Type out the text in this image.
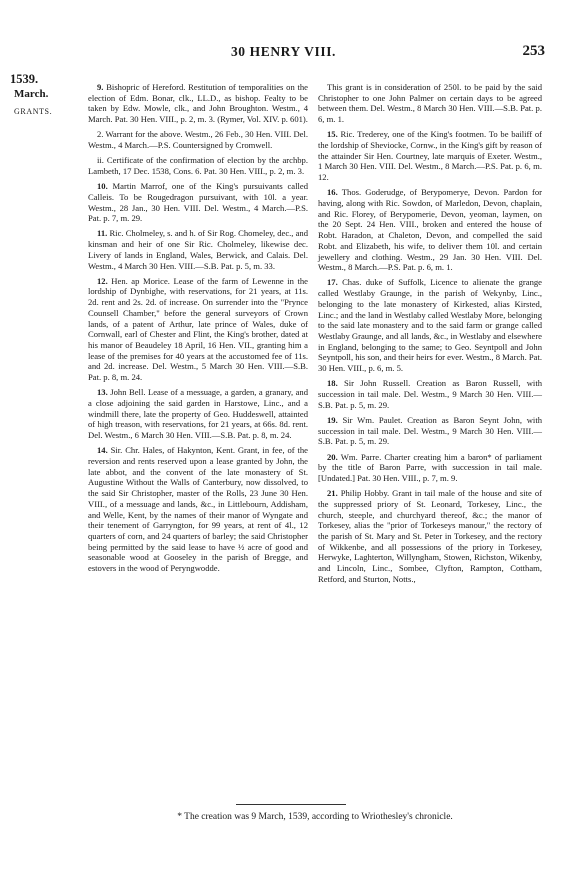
30 HENRY VIII.	253
1539.
March.
GRANTS.

9. Bishopric of Hereford. Restitution of temporalities on the election of Edm. Bonar, clk., LL.D., as bishop. Fealty to be taken by Edw. Mowle, clk., and John Broughton. Westm., 4 March. Pat. 30 Hen. VIII., p. 2, m. 3. (Rymer, Vol. XIV. p. 601).

2. Warrant for the above. Westm., 26 Feb., 30 Hen. VIII. Del. Westm., 4 March.—P.S. Countersigned by Cromwell.

ii. Certificate of the confirmation of election by the archbp. Lambeth, 17 Dec. 1538, Cons. 6. Pat. 30 Hen. VIII., p. 2, m. 3.

10. Martin Marrof, one of the King's pursuivants called Calleis. To be Rougedragon pursuivant, with 10l. a year. Westm., 28 Jan., 30 Hen. VIII. Del. Westm., 4 March.—P.S. Pat. p. 7, m. 29.

11. Ric. Cholmeley, s. and h. of Sir Rog. Chomeley, dec., and kinsman and heir of one Sir Ric. Cholmeley, likewise dec. Livery of lands in England, Wales, Berwick, and Calais. Del. Westm., 4 March 30 Hen. VIII.—S.B. Pat. p. 5, m. 33.

12. Hen. ap Morice. Lease of the farm of Lewenne in the lordship of Dynbighe, with reservations, for 21 years, at 11s. 2d. rent and 2s. 2d. of increase. On surrender into the "Prynce Counsell Chamber," before the general surveyors of Crown lands, of a patent of Arthur, late prince of Wales, duke of Cornwall, earl of Chester and Flint, the King's brother, dated at his manor of Beaudeley 18 April, 16 Hen. VII., granting him a lease of the premises for 40 years at the accustomed fee of 11s. and 2d. increase. Del. Westm., 5 March 30 Hen. VIII.—S.B. Pat. p. 8, m. 24.

13. John Bell. Lease of a messuage, a garden, a granary, and a close adjoining the said garden in Harstowe, Linc., and a windmill there, late the property of Geo. Huddeswell, attainted of high treason, with reservations, for 21 years, at 66s. 8d. rent. Del. Westm., 6 March 30 Hen. VIII.—S.B. Pat. p. 8, m. 24.

14. Sir. Chr. Hales, of Hakynton, Kent. Grant, in fee, of the reversion and rents reserved upon a lease granted by John, the late abbot, and the convent of the late monastery of St. Augustine Without the Walls of Canterbury, now dissolved, to the said Sir Christopher, master of the Rolls, 23 June 30 Hen. VIII., of a messuage and lands, &c., in Littlebourn, Addisham, and Welle, Kent, by the names of their manor of Wyngate and their tenement of Garryngton, for 99 years, at rent of 4l., 12 quarters of corn, and 24 quarters of barley; the said Christopher being permitted by the said lease to have ½ acre of good and seasonable wood at Gooseley in the parish of Bregge, and estovers in the wood of Peryngwodde.

This grant is in consideration of 250l. to be paid by the said Christopher to one John Palmer on certain days to be agreed between them. Del. Westm., 8 March 30 Hen. VIII.—S.B. Pat. p. 6, m. 1.

15. Ric. Trederey, one of the King's footmen. To be bailiff of the lordship of Sheviocke, Cornw., in the King's gift by reason of the attainder Sir Hen. Courtney, late marquis of Exeter. Westm., 1 March 30 Hen. VIII. Del. Westm., 8 March.—P.S. Pat. p. 6, m. 12.

16. Thos. Goderudge, of Berypomerye, Devon. Pardon for having, along with Ric. Sowdon, of Marledon, Devon, chaplain, and Ric. Florey, of Berypomerie, Devon, yeoman, laymen, on the 20 Sept. 24 Hen. VIII., broken and entered the house of Robt. Haradon, at Chaleton, Devon, and compelled the said Robt. and Elizabeth, his wife, to deliver them 10l. and certain jewellery and clothing. Westm., 29 Jan. 30 Hen. VIII. Del. Westm., 8 March.—P.S. Pat. p. 6, m. 1.

17. Chas. duke of Suffolk, Licence to alienate the grange called Westlaby Graunge, in the parish of Wekynby, Linc., belonging to the late monastery of Kirkested, alias Kirsted, Linc.; and the land in Westlaby called Westlaby More, belonging to the said late monastery and to the said farm or grange called Westlaby Graunge, and all lands, &c., in Westlaby and elsewhere in England, belonging to the same; to Geo. Seyntpoll and John Seyntpoll, his son, and their heirs for ever. Westm., 8 March. Pat. 30 Hen. VIII., p. 6, m. 5.

18. Sir John Russell. Creation as Baron Russell, with succession in tail male. Del. Westm., 9 March 30 Hen. VIII.—S.B. Pat. p. 5, m. 29.

19. Sir Wm. Paulet. Creation as Baron Seynt John, with succession in tail male. Del. Westm., 9 March 30 Hen. VIII.—S.B. Pat. p. 5, m. 29.

20. Wm. Parre. Charter creating him a baron* of parliament by the title of Baron Parre, with succession in tail male. [Undated.] Pat. 30 Hen. VIII., p. 7, m. 9.

21. Philip Hobby. Grant in tail male of the house and site of the suppressed priory of St. Leonard, Torkesey, Linc., the church, steeple, and churchyard thereof, &c.; the manor of Torkesey, alias the "prior of Torkeseys manour," the rectory of the parish of St. Mary and St. Peter in Torkesey, and the rectory of Wikkenbe, and all possessions of the priory in Torkesey, Herwyke, Laghterton, Willyngham, Stowen, Richston, Wikenby, and Lincoln, Linc., Sombee, Clyfton, Rampton, Cottham, Retford, and Sturton, Notts.,

* The creation was 9 March, 1539, according to Wriothesley's chronicle.
